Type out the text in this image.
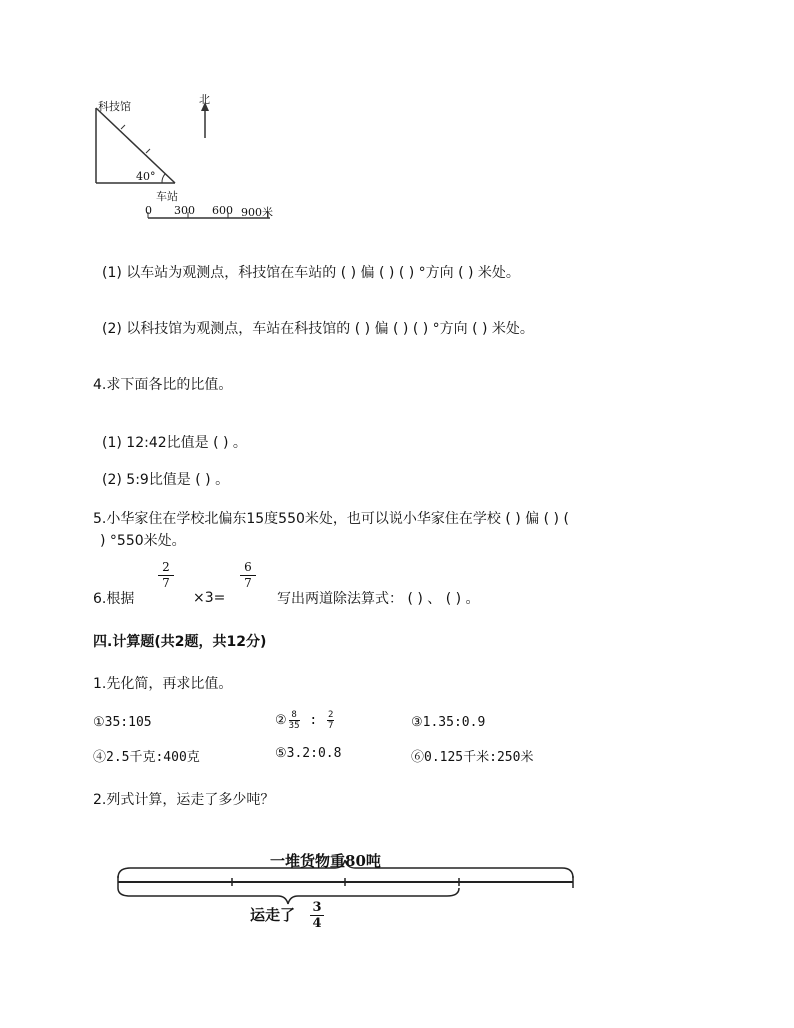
北
科技馆
40°
车站
0 300 600 900米
(1) 以车站为观测点，科技馆在车站的 ( ) 偏 ( ) ( ) °方向 ( ) 米处。
(2) 以科技馆为观测点，车站在科技馆的 ( ) 偏 ( ) ( ) °方向 ( ) 米处。
4.求下面各比的比值。
(1) 12:42比值是 ( ) 。
(2) 5:9比值是 ( ) 。
5.小华家住在学校北偏东15度550米处，也可以说小华家住在学校 ( ) 偏 ( ) (
) °550米处。
6.根据
$\frac{2}{7}$
×3=
$\frac{6}{7}$
写出两道除法算式： ( ) 、 ( ) 。
四.计算题(共2题，共12分)
1.先化简，再求比值。
①35:105	② $\frac{8}{35}$ : $\frac{2}{7}$	③1.35:0.9
④2.5千克:400克	⑤3.2:0.8	⑥0.125千米:250米
2.列式计算，运走了多少吨？
一堆货物重80吨
运走了 $\frac{3}{4}$
